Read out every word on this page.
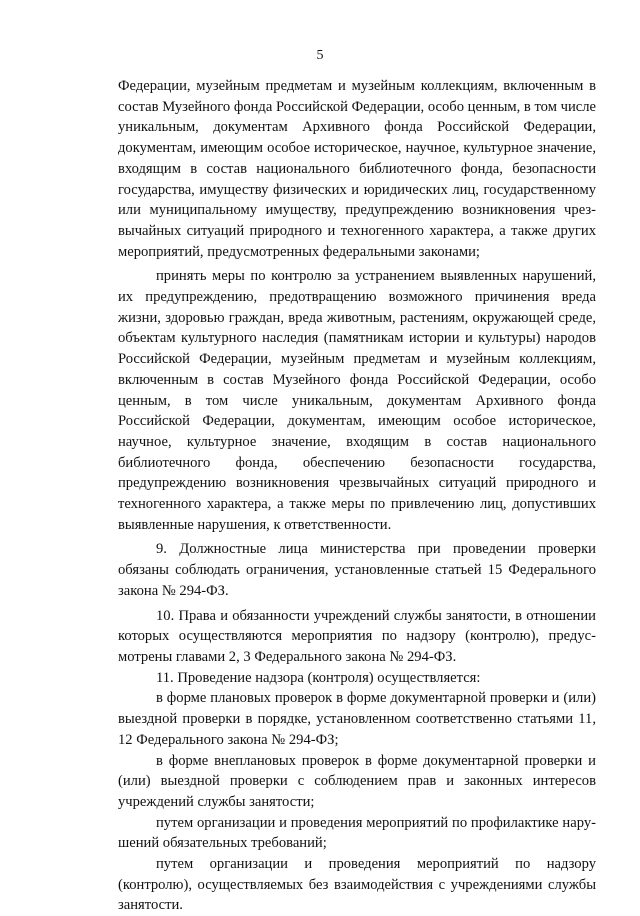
5

Федерации, музейным предметам и музейным коллекциям, включенным в состав Музейного фонда Российской Федерации, особо ценным, в том числе уникальным, документам Архивного фонда Российской Федерации, документам, имеющим особое историческое, научное, культурное значение, входящим в состав национального библиотечного фонда, безопасности государства, имуществу физических и юридических лиц, государственному или муниципальному имуществу, предупреждению возникновения чрезвычайных ситуаций природного и техногенного характера, а также других мероприятий, предусмотренных федеральными законами;

принять меры по контролю за устранением выявленных нарушений, их предупреждению, предотвращению возможного причинения вреда жизни, здоровью граждан, вреда животным, растениям, окружающей среде, объектам культурного наследия (памятникам истории и культуры) народов Российской Федерации, музейным предметам и музейным коллекциям, включенным в состав Музейного фонда Российской Федерации, особо ценным, в том числе уникальным, документам Архивного фонда Российской Федерации, документам, имеющим особое историческое, научное, культурное значение, входящим в состав национального библиотечного фонда, обеспечению безопасности государства, предупреждению возникновения чрезвычайных ситуаций природного и техногенного характера, а также меры по привлечению лиц, допустивших выявленные нарушения, к ответственности.

9. Должностные лица министерства при проведении проверки обязаны соблюдать ограничения, установленные статьей 15 Федерального закона № 294-ФЗ.

10. Права и обязанности учреждений службы занятости, в отношении которых осуществляются мероприятия по надзору (контролю), предусмотрены главами 2, 3 Федерального закона № 294-ФЗ.

11. Проведение надзора (контроля) осуществляется:

в форме плановых проверок в форме документарной проверки и (или) выездной проверки в порядке, установленном соответственно статьями 11, 12 Федерального закона № 294-ФЗ;

в форме внеплановых проверок в форме документарной проверки и (или) выездной проверки с соблюдением прав и законных интересов учреждений службы занятости;

путем организации и проведения мероприятий по профилактике нарушений обязательных требований;

путем организации и проведения мероприятий по надзору (контролю), осуществляемых без взаимодействия с учреждениями службы занятости.
